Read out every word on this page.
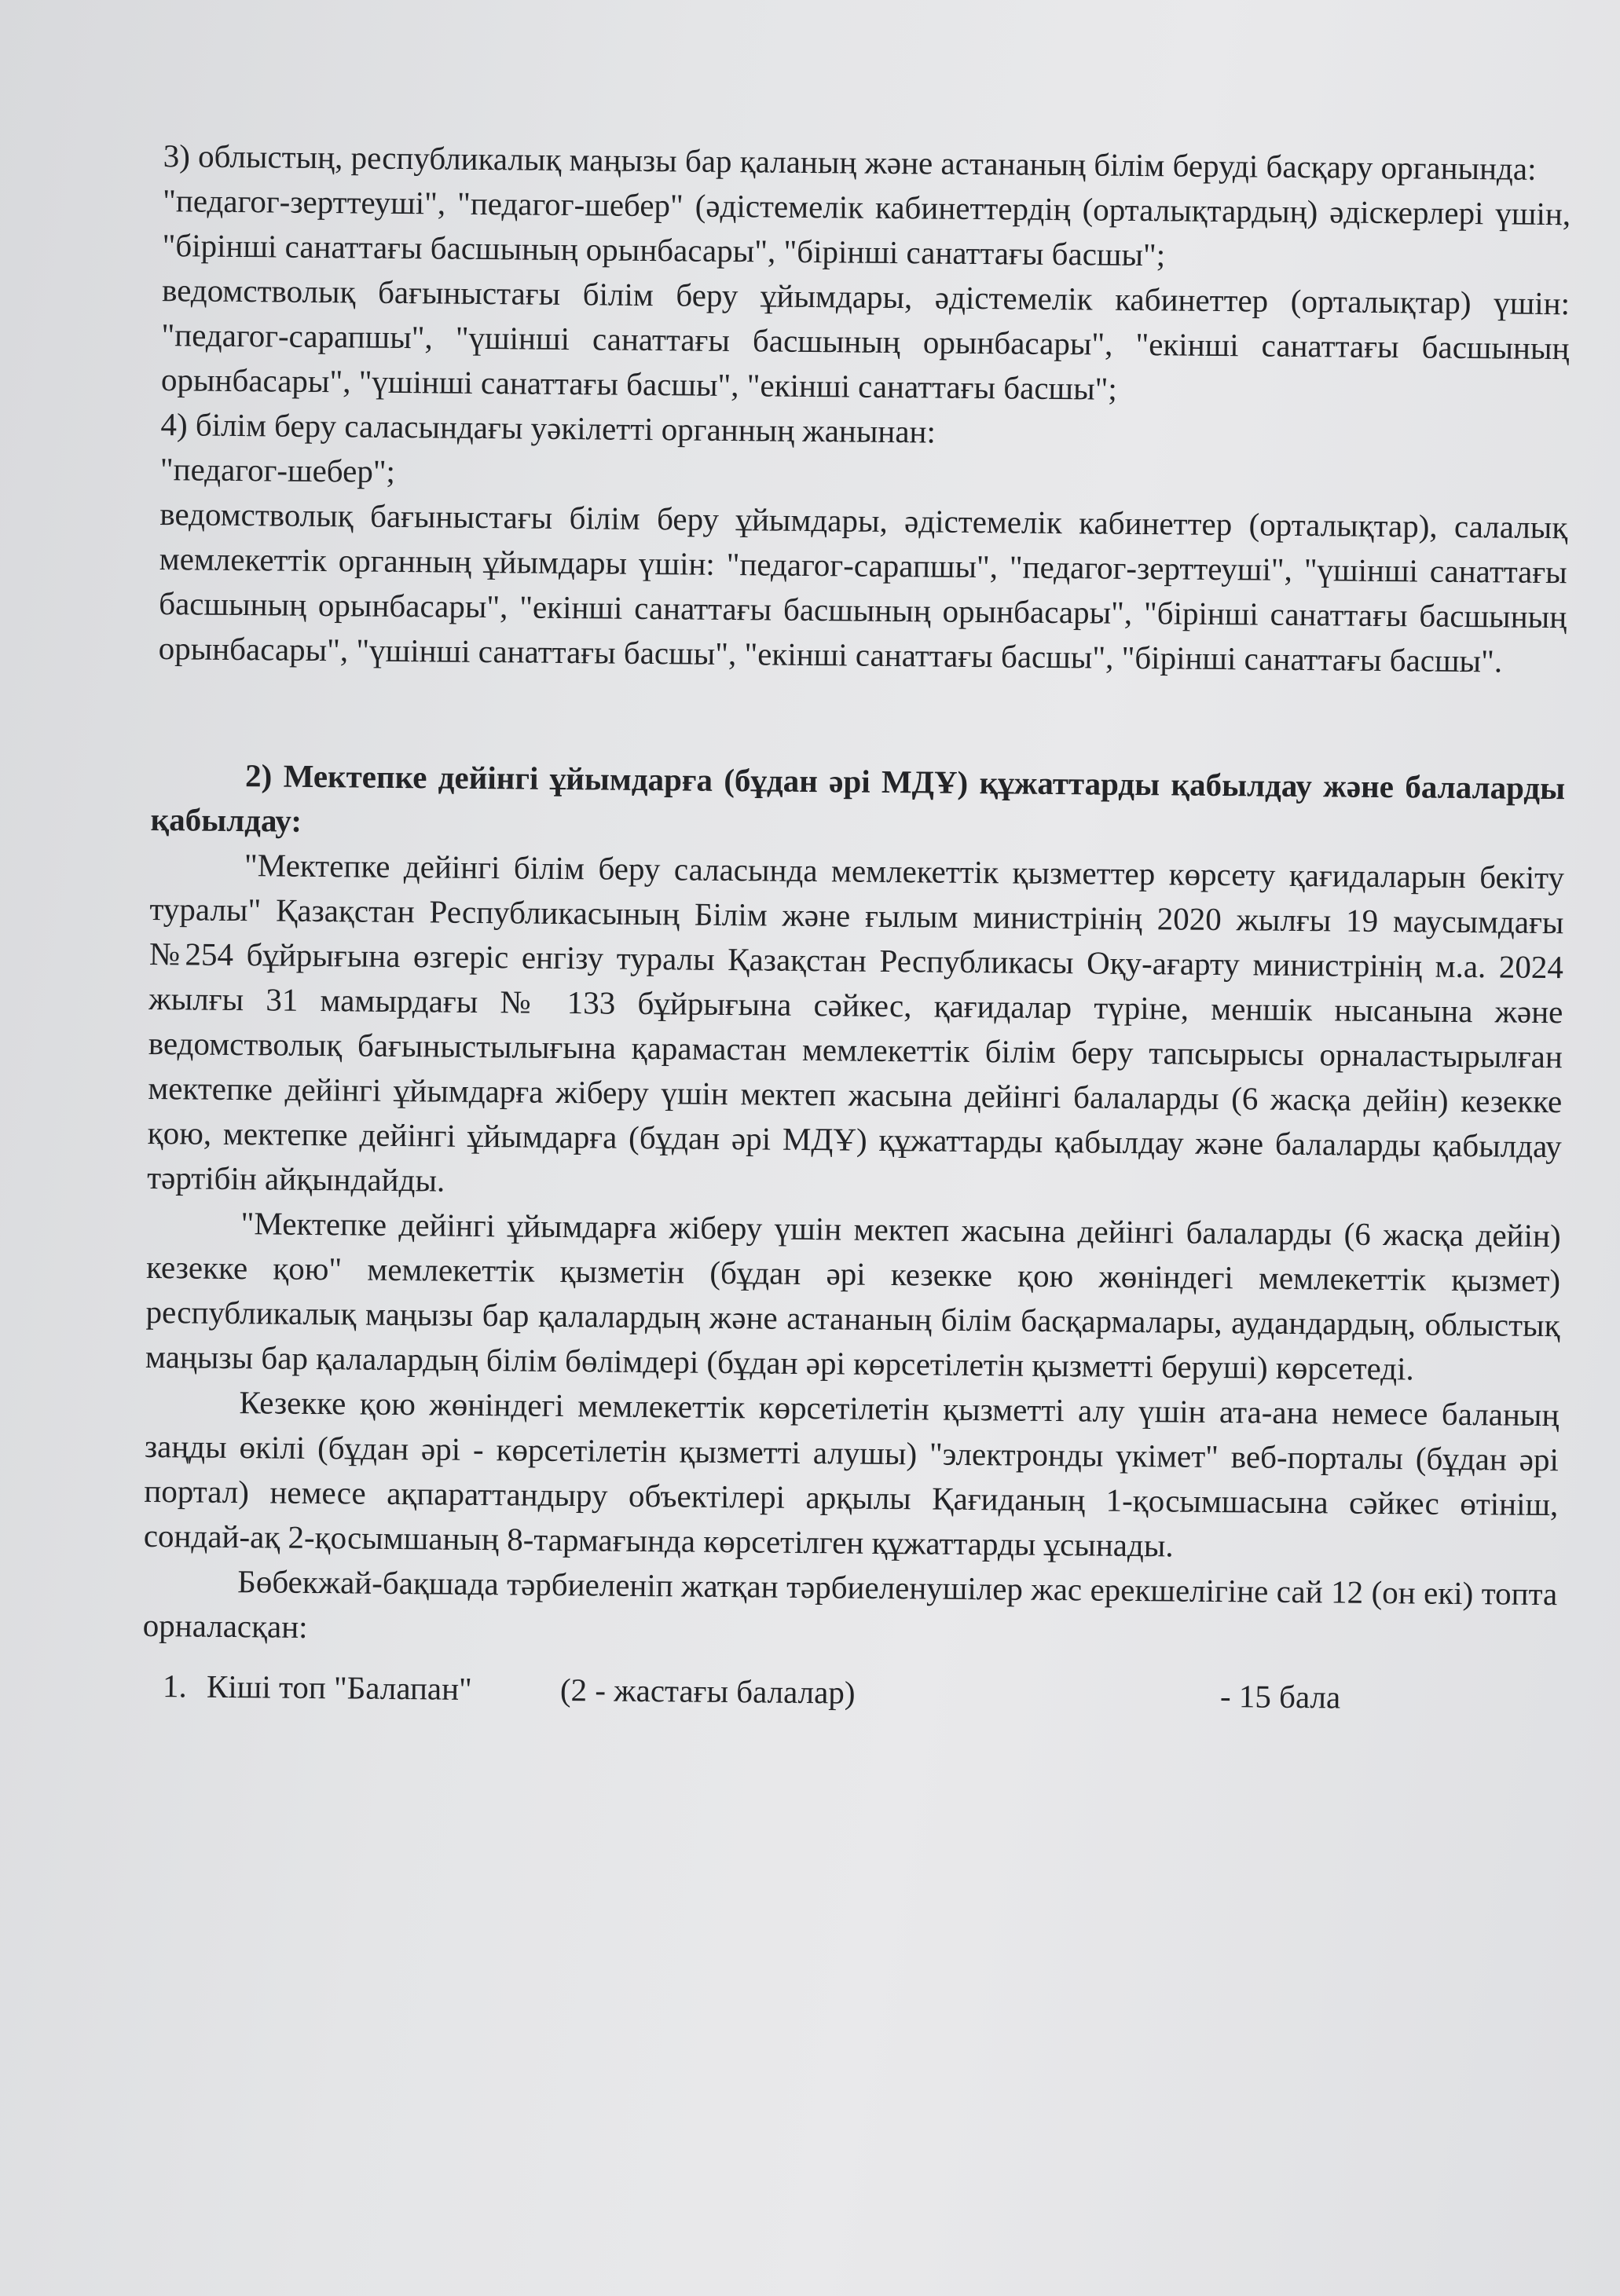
3) облыстың, республикалық маңызы бар қаланың және астананың білім беруді басқару органында:

"педагог-зерттеуші", "педагог-шебер" (әдістемелік кабинеттердің (орталықтардың) әдіскерлері үшін, "бірінші санаттағы басшының орынбасары", "бірінші санаттағы басшы";

ведомстволық бағыныстағы білім беру ұйымдары, әдістемелік кабинеттер (орталықтар) үшін: "педагог-сарапшы", "үшінші санаттағы басшының орынбасары", "екінші санаттағы басшының орынбасары", "үшінші санаттағы басшы", "екінші санаттағы басшы";

4) білім беру саласындағы уәкілетті органның жанынан:

"педагог-шебер";

ведомстволық бағыныстағы білім беру ұйымдары, әдістемелік кабинеттер (орталықтар), салалық мемлекеттік органның ұйымдары үшін: "педагог-сарапшы", "педагог-зерттеуші", "үшінші санаттағы басшының орынбасары", "екінші санаттағы басшының орынбасары", "бірінші санаттағы басшының орынбасары", "үшінші санаттағы басшы", "екінші санаттағы басшы", "бірінші санаттағы басшы".

2) Мектепке дейінгі ұйымдарға (бұдан әрі МДҰ) құжаттарды қабылдау және балаларды қабылдау:

"Мектепке дейінгі білім беру саласында мемлекеттік қызметтер көрсету қағидаларын бекіту туралы" Қазақстан Республикасының Білім және ғылым министрінің 2020 жылғы 19 маусымдағы №254 бұйрығына өзгеріс енгізу туралы Қазақстан Республикасы Оқу-ағарту министрінің м.а. 2024 жылғы 31 мамырдағы № 133 бұйрығына сәйкес, қағидалар түріне, меншік нысанына және ведомстволық бағыныстылығына қарамастан мемлекеттік білім беру тапсырысы орналастырылған мектепке дейінгі ұйымдарға жіберу үшін мектеп жасына дейінгі балаларды (6 жасқа дейін) кезекке қою, мектепке дейінгі ұйымдарға (бұдан әрі МДҰ) құжаттарды қабылдау және балаларды қабылдау тәртібін айқындайды.

"Мектепке дейінгі ұйымдарға жіберу үшін мектеп жасына дейінгі балаларды (6 жасқа дейін) кезекке қою" мемлекеттік қызметін (бұдан әрі кезекке қою жөніндегі мемлекеттік қызмет) республикалық маңызы бар қалалардың және астананың білім басқармалары, аудандардың, облыстық маңызы бар қалалардың білім бөлімдері (бұдан әрі көрсетілетін қызметті беруші) көрсетеді.

Кезекке қою жөніндегі мемлекеттік көрсетілетін қызметті алу үшін ата-ана немесе баланың заңды өкілі (бұдан әрі - көрсетілетін қызметті алушы) "электронды үкімет" веб-порталы (бұдан әрі портал) немесе ақпараттандыру объектілері арқылы Қағиданың 1-қосымшасына сәйкес өтініш, сондай-ақ 2-қосымшаның 8-тармағында көрсетілген құжаттарды ұсынады.

Бөбекжай-бақшада тәрбиеленіп жатқан тәрбиеленушілер жас ерекшелігіне сай 12 (он екі) топта орналасқан:

1. Кіші топ "Балапан"	(2 - жастағы балалар)	- 15 бала
